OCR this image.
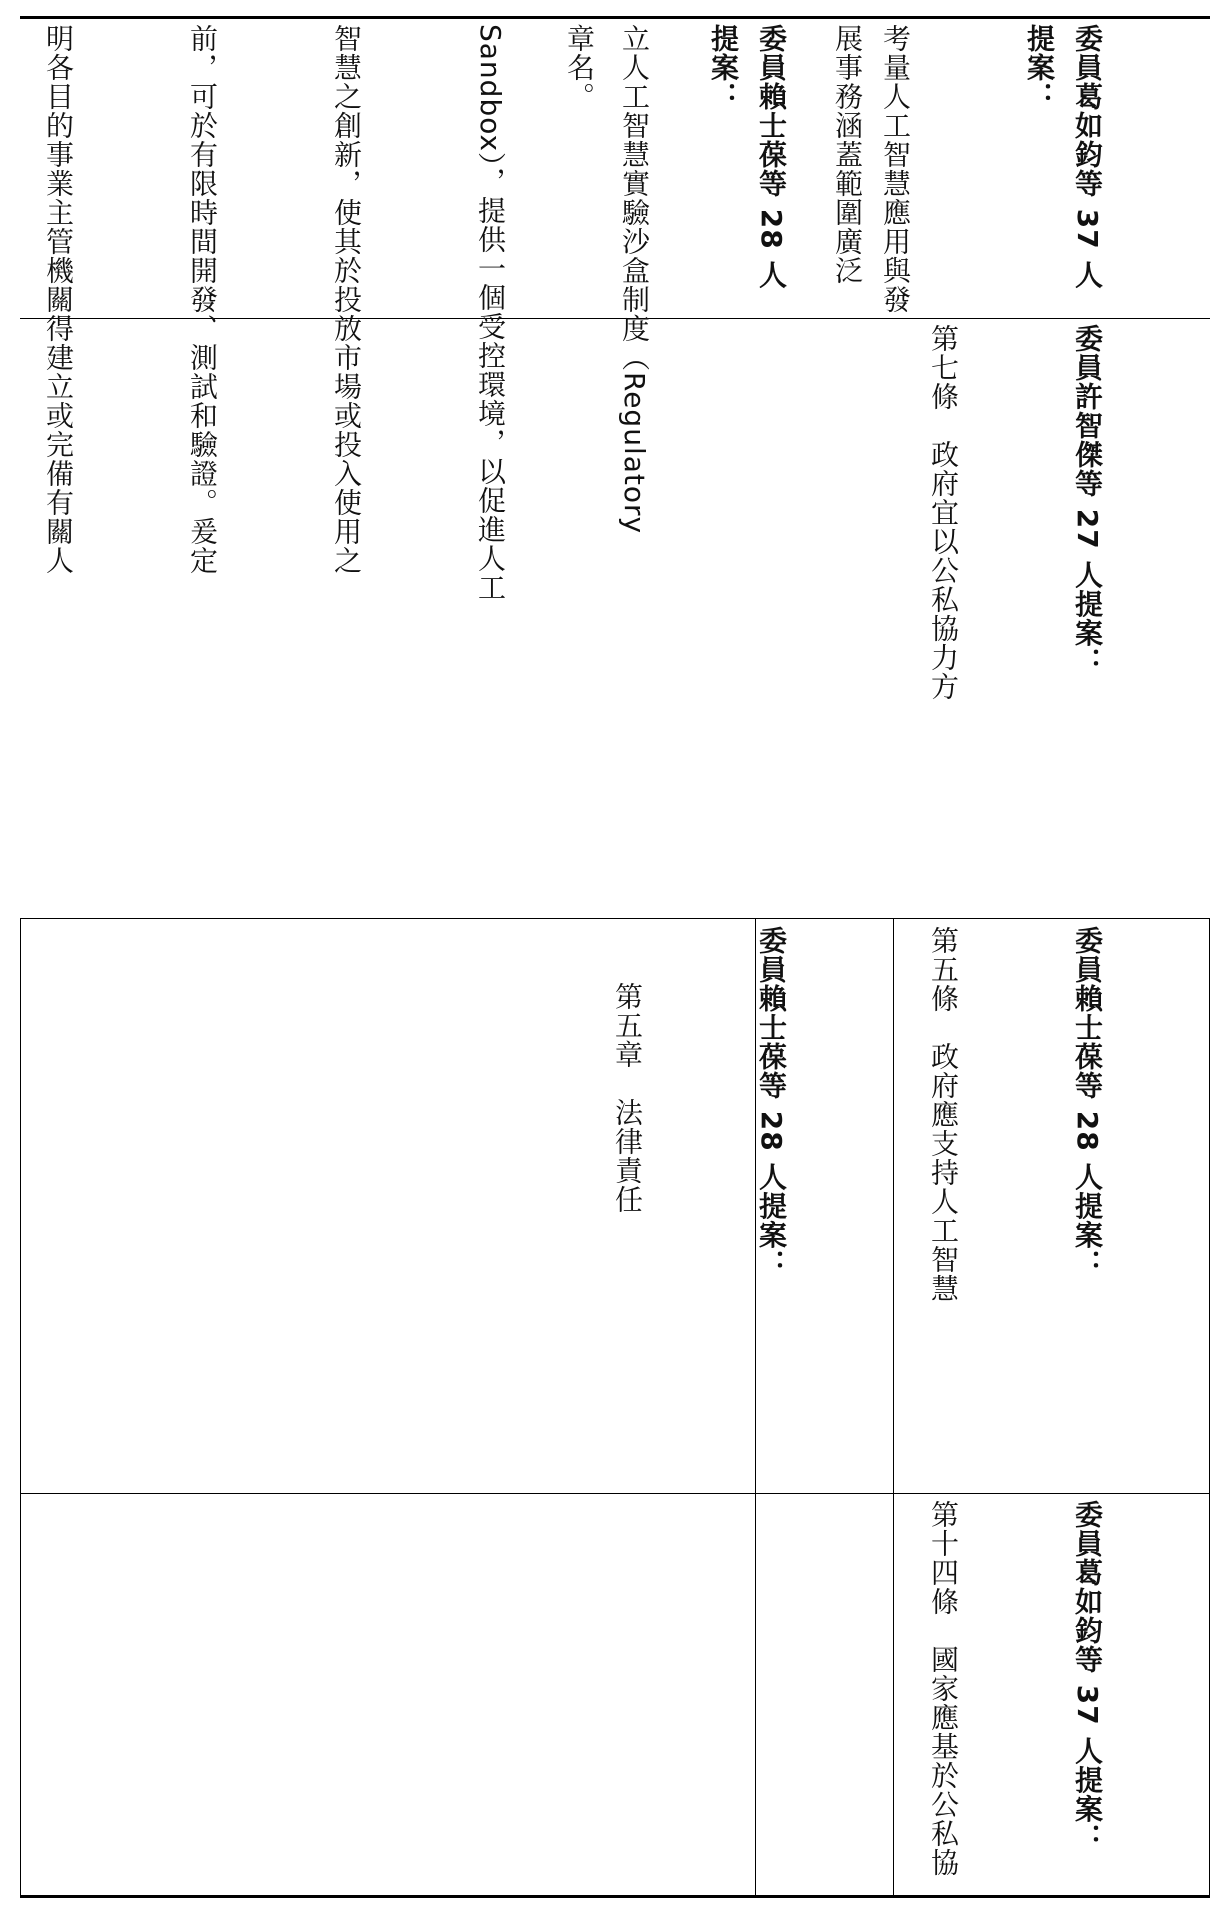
立人工智慧實驗沙盒制度（Regulatory

Sandbox），提供一個受控環境，以促進人工

智慧之創新，使其於投放市場或投入使用之

前，可於有限時間開發、測試和驗證。爰定

明各目的事業主管機關得建立或完備有關人

	委員賴士葆等 28 人提案：

章名。

委員賴士葆等 28 人提案：

第五章　法律責任

委員葛如鈞等 37 人提案：

考量人工智慧應用與發展事務涵蓋範圍廣泛

委員許智傑等 27 人提案：

第七條　政府宜以公私協力方

委員賴士葆等 28 人提案：

第五條　政府應支持人工智慧

委員葛如鈞等 37 人提案：

第十四條　國家應基於公私協
